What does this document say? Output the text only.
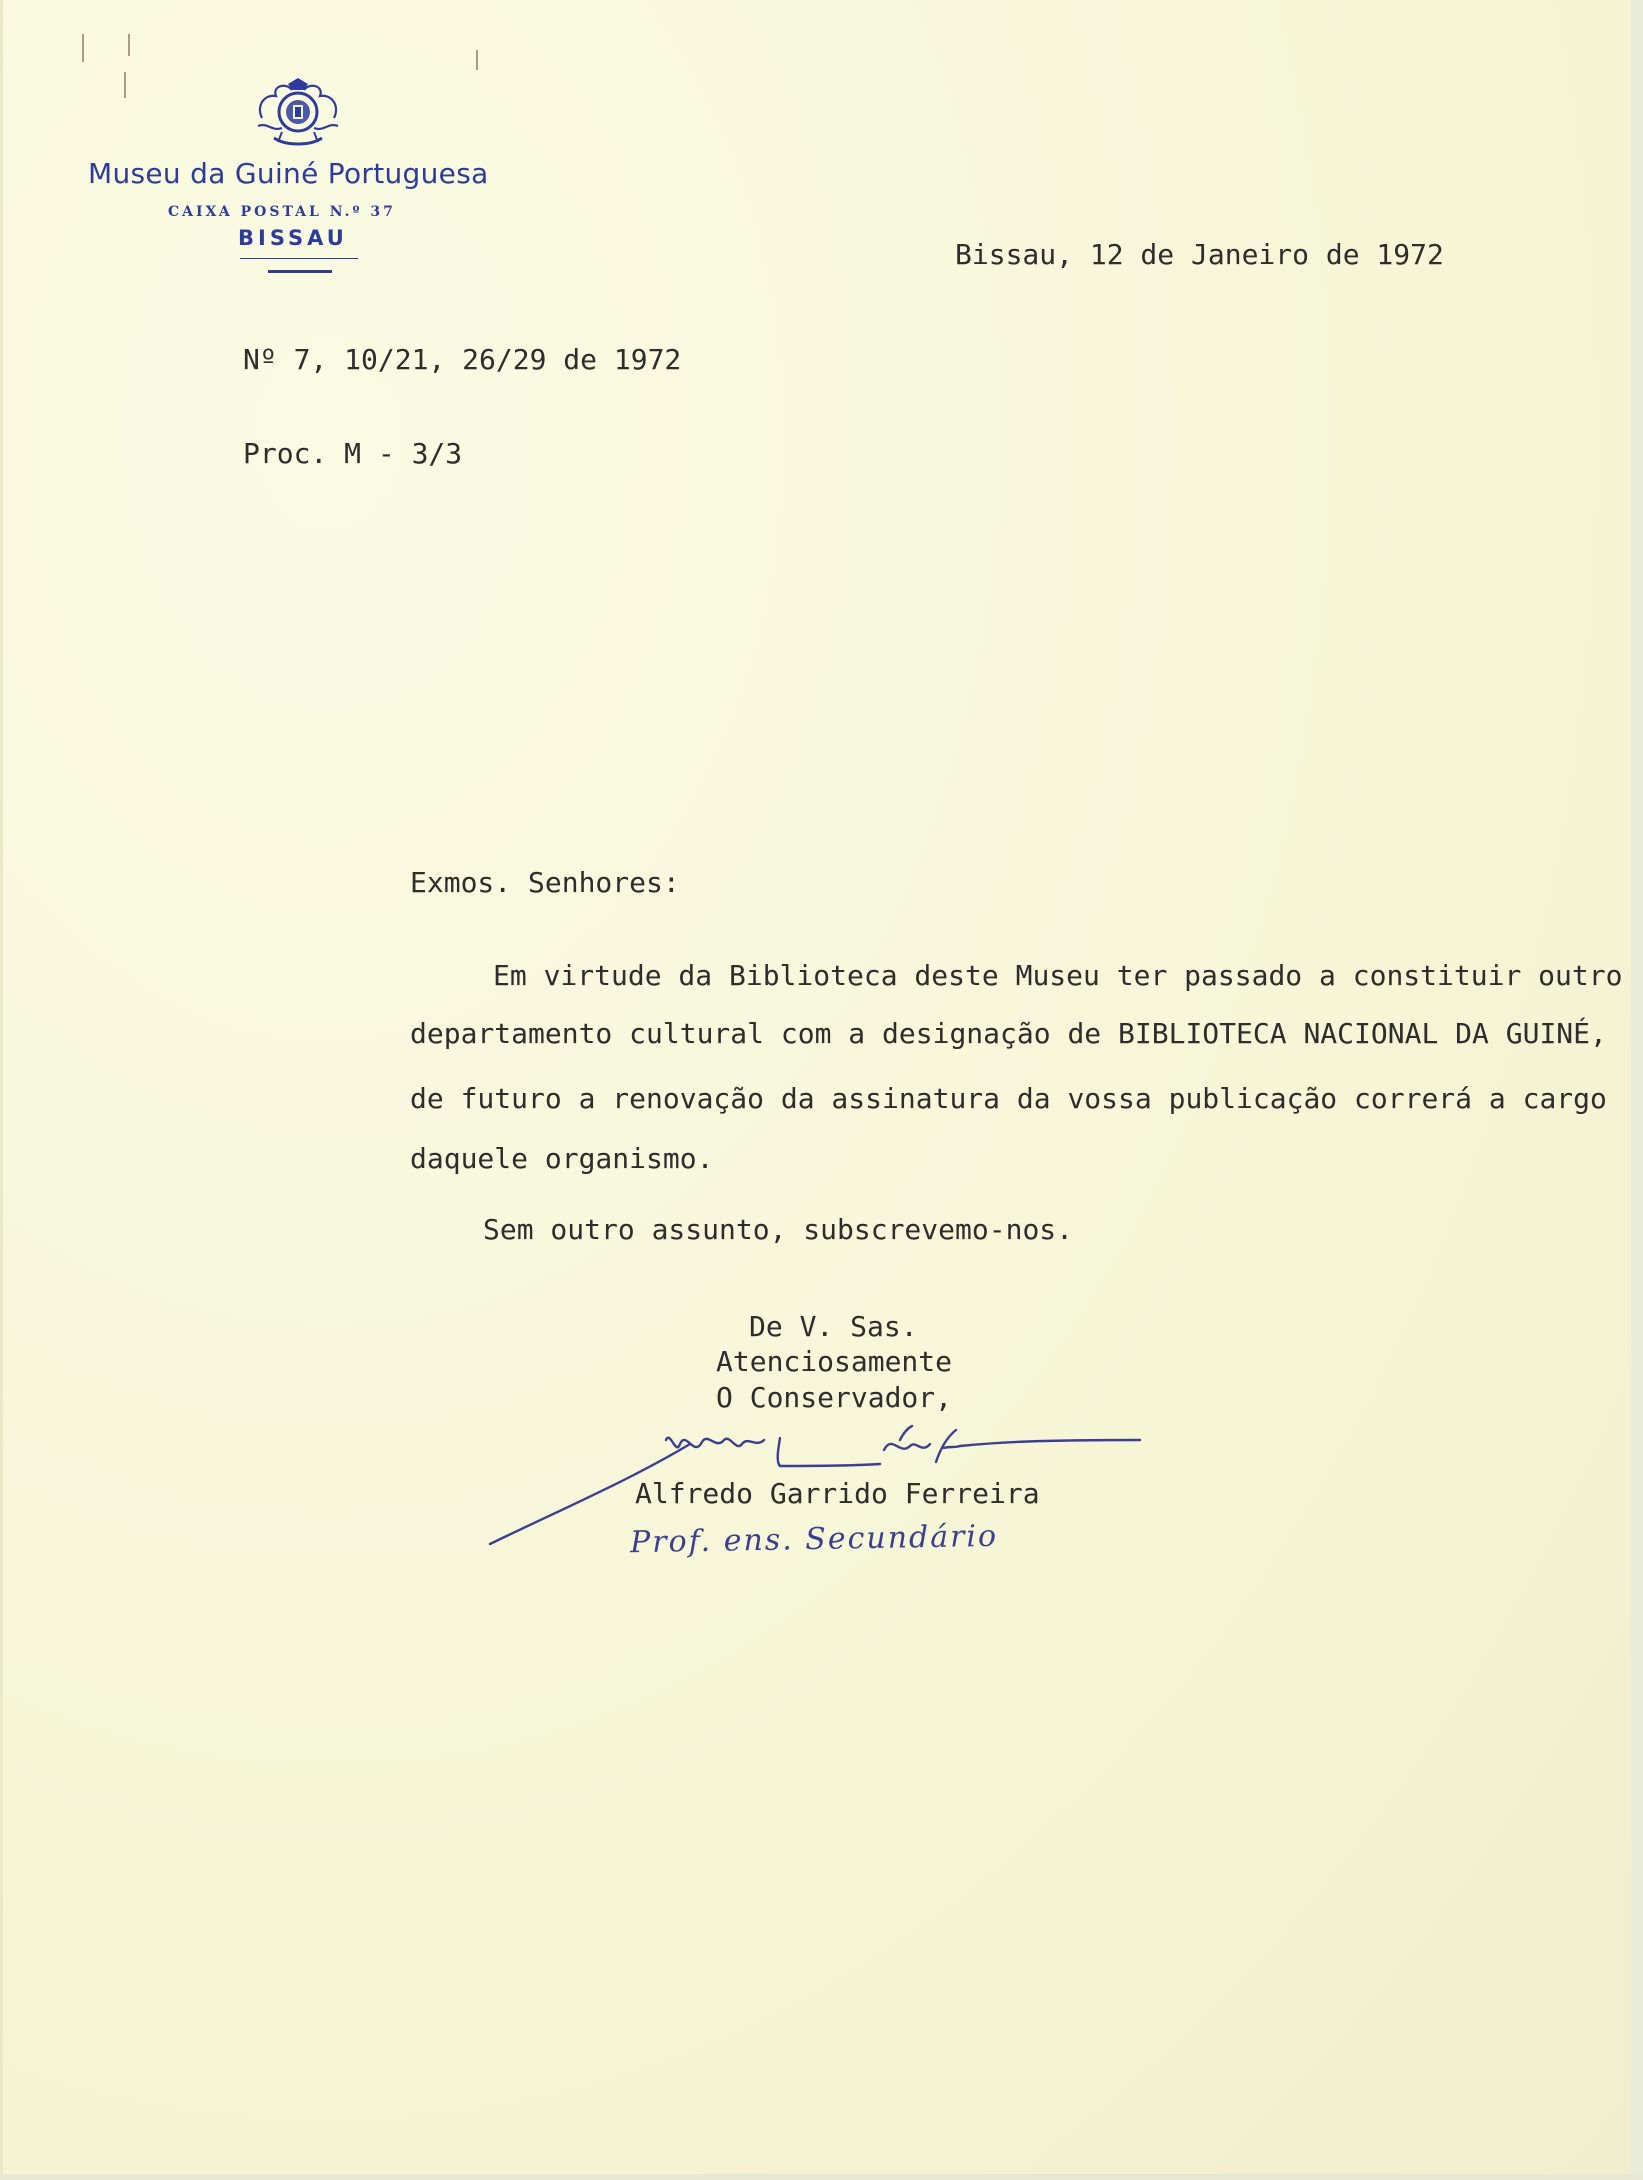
Museu da Guiné Portuguesa
CAIXA POSTAL N.º 37
BISSAU	Bissau, 12 de Janeiro de 1972
Nº 7, 10/21, 26/29 de 1972
Proc. M - 3/3
Exmos. Senhores:
Em virtude da Biblioteca deste Museu ter passado a constituir outro
departamento cultural com a designação de BIBLIOTECA NACIONAL DA GUINÉ,
de futuro a renovação da assinatura da vossa publicação correrá a cargo
daquele organismo.
Sem outro assunto, subscrevemo-nos.
De V. Sas.
Atenciosamente
O Conservador,
Alfredo Garrido Ferreira
Prof. ens. Secundário
